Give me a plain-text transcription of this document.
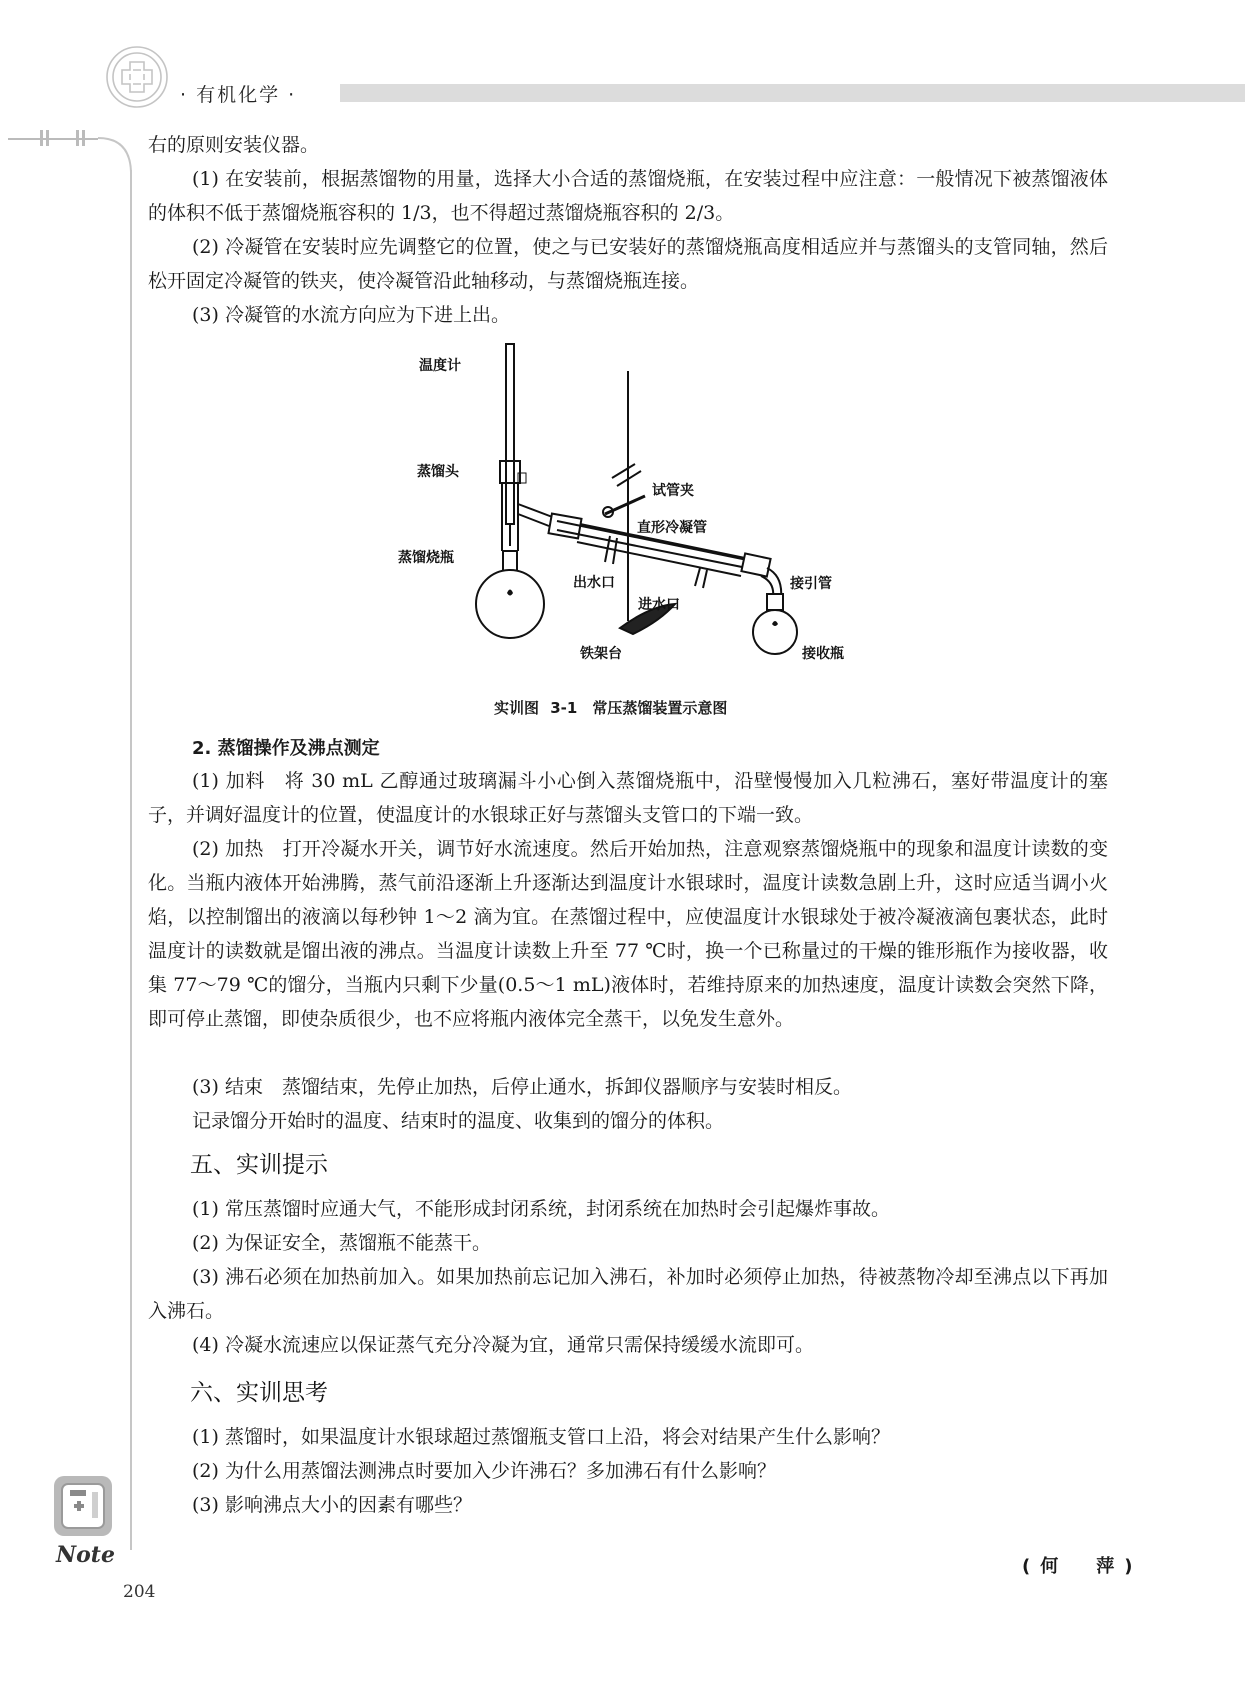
· 有机化学 ·
右的原则安装仪器。
(1) 在安装前，根据蒸馏物的用量，选择大小合适的蒸馏烧瓶，在安装过程中应注意：一般情况下被蒸馏液体的体积不低于蒸馏烧瓶容积的 1/3，也不得超过蒸馏烧瓶容积的 2/3。
(2) 冷凝管在安装时应先调整它的位置，使之与已安装好的蒸馏烧瓶高度相适应并与蒸馏头的支管同轴，然后松开固定冷凝管的铁夹，使冷凝管沿此轴移动，与蒸馏烧瓶连接。
(3) 冷凝管的水流方向应为下进上出。
温度计
蒸馏头
蒸馏烧瓶
出水口
试管夹
直形冷凝管
进水口
接引管
铁架台	接收瓶
实训图 3-1　常压蒸馏装置示意图
2. 蒸馏操作及沸点测定
(1) 加料　将 30 mL 乙醇通过玻璃漏斗小心倒入蒸馏烧瓶中，沿壁慢慢加入几粒沸石，塞好带温度计的塞子，并调好温度计的位置，使温度计的水银球正好与蒸馏头支管口的下端一致。
(2) 加热　打开冷凝水开关，调节好水流速度。然后开始加热，注意观察蒸馏烧瓶中的现象和温度计读数的变化。当瓶内液体开始沸腾，蒸气前沿逐渐上升逐渐达到温度计水银球时，温度计读数急剧上升，这时应适当调小火焰，以控制馏出的液滴以每秒钟 1～2 滴为宜。在蒸馏过程中，应使温度计水银球处于被冷凝液滴包裹状态，此时温度计的读数就是馏出液的沸点。当温度计读数上升至 77 ℃时，换一个已称量过的干燥的锥形瓶作为接收器，收集 77～79 ℃的馏分，当瓶内只剩下少量(0.5～1 mL)液体时，若维持原来的加热速度，温度计读数会突然下降，即可停止蒸馏，即使杂质很少，也不应将瓶内液体完全蒸干，以免发生意外。
(3) 结束　蒸馏结束，先停止加热，后停止通水，拆卸仪器顺序与安装时相反。
记录馏分开始时的温度、结束时的温度、收集到的馏分的体积。
五、实训提示
(1) 常压蒸馏时应通大气，不能形成封闭系统，封闭系统在加热时会引起爆炸事故。
(2) 为保证安全，蒸馏瓶不能蒸干。
(3) 沸石必须在加热前加入。如果加热前忘记加入沸石，补加时必须停止加热，待被蒸物冷却至沸点以下再加入沸石。
(4) 冷凝水流速应以保证蒸气充分冷凝为宜，通常只需保持缓缓水流即可。
六、实训思考
(1) 蒸馏时，如果温度计水银球超过蒸馏瓶支管口上沿，将会对结果产生什么影响？
(2) 为什么用蒸馏法测沸点时要加入少许沸石？多加沸石有什么影响？
(3) 影响沸点大小的因素有哪些？
(何　萍)
Note
204
